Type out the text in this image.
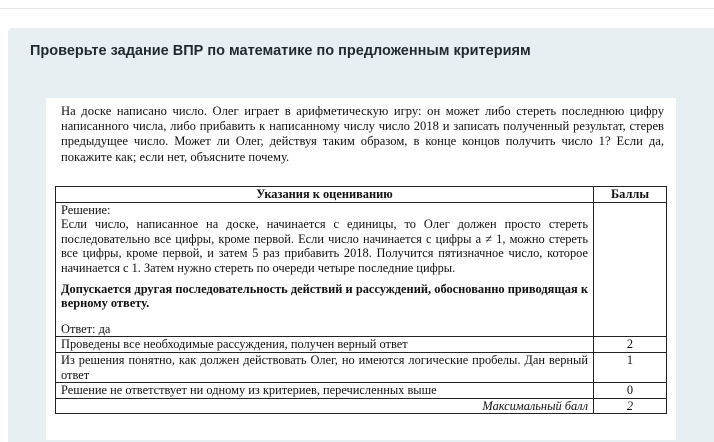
Проверьте задание ВПР по математике по предложенным критериям
На доске написано число. Олег играет в арифметическую игру: он может либо стереть последнюю цифру написанного числа, либо прибавить к написанному числу число 2018 и записать полученный результат, стерев предыдущее число. Может ли Олег, действуя таким образом, в конце концов получить число 1? Если да, покажите как; если нет, объясните почему.
Указания к оцениванию	Баллы

Решение:

Если число, написанное на доске, начинается с единицы, то Олег должен просто стереть последовательно все цифры, кроме первой. Если число начинается с цифры a ≠ 1, можно стереть все цифры, кроме первой, и затем 5 раз прибавить 2018. Получится пятизначное число, которое начинается с 1. Затем нужно стереть по очереди четыре последние цифры.

Допускается другая последовательность действий и рассуждений, обоснованно приводящая к верному ответу.

Ответ: да	

Проведены все необходимые рассуждения, получен верный ответ	2
Из решения понятно, как должен действовать Олег, но имеются логические пробелы. Дан верный ответ	1
Решение не ответствует ни одному из критериев, перечисленных выше	0
Максимальный балл	2
